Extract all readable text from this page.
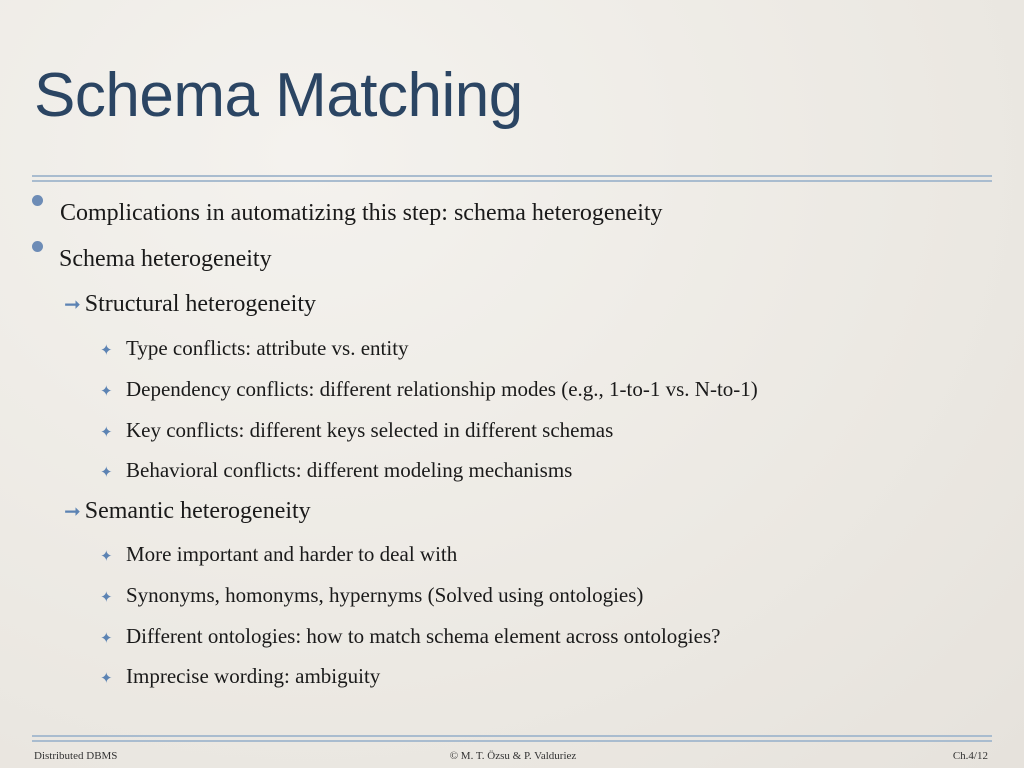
Schema Matching
Complications in automatizing this step: schema heterogeneity
Schema heterogeneity
➞ Structural heterogeneity
✦ Type conflicts: attribute vs. entity
✦ Dependency conflicts: different relationship modes (e.g., 1-to-1 vs. N-to-1)
✦ Key conflicts: different keys selected in different schemas
✦ Behavioral conflicts: different modeling mechanisms
➞ Semantic heterogeneity
✦ More important and harder to deal with
✦ Synonyms, homonyms, hypernyms (Solved using ontologies)
✦ Different ontologies: how to match schema element across ontologies?
✦ Imprecise wording: ambiguity
Distributed DBMS	© M. T. Özsu & P. Valduriez	Ch.4/12
